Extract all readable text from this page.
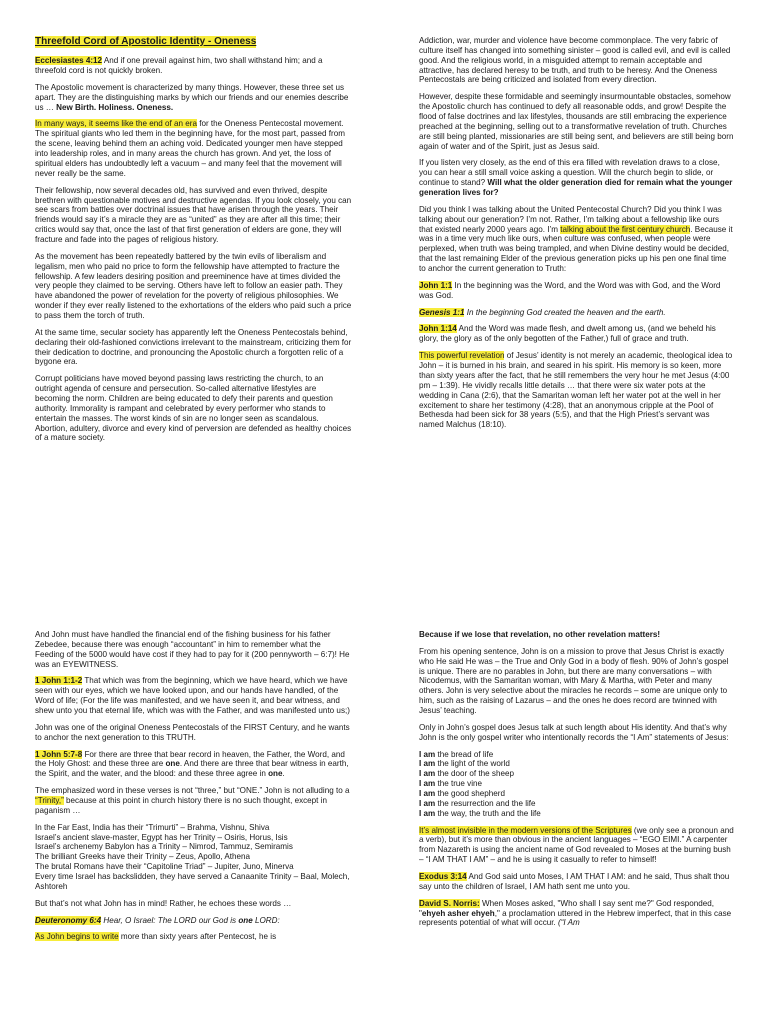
Threefold Cord of Apostolic Identity - Oneness

Ecclesiastes 4:12 And if one prevail against him, two shall withstand him; and a threefold cord is not quickly broken.

The Apostolic movement is characterized by many things. However, these three set us apart. They are the distinguishing marks by which our friends and our enemies describe us … New Birth. Holiness. Oneness.

In many ways, it seems like the end of an era for the Oneness Pentecostal movement. The spiritual giants who led them in the beginning have, for the most part, passed from the scene, leaving behind them an aching void. Dedicated younger men have stepped into leadership roles, and in many areas the church has grown. And yet, the loss of spiritual elders has undoubtedly left a vacuum – and many feel that the movement will never really be the same.

Their fellowship, now several decades old, has survived and even thrived, despite brethren with questionable motives and destructive agendas. If you look closely, you can see scars from battles over doctrinal issues that have arisen through the years. Their friends would say it’s a miracle they are as “united” as they are after all this time; their critics would say that, once the last of that first generation of elders are gone, they will fracture and fade into the pages of religious history.

As the movement has been repeatedly battered by the twin evils of liberalism and legalism, men who paid no price to form the fellowship have attempted to fracture the fellowship. A few leaders desiring position and preeminence have at times divided the very people they claimed to be serving. Others have left to follow an easier path. They have abandoned the power of revelation for the poverty of religious philosophies. We wonder if they ever really listened to the exhortations of the elders who paid such a price to pass them the torch of truth.

At the same time, secular society has apparently left the Oneness Pentecostals behind, declaring their old-fashioned convictions irrelevant to the mainstream, criticizing them for their dedication to doctrine, and pronouncing the Apostolic church a forgotten relic of a bygone era.

Corrupt politicians have moved beyond passing laws restricting the church, to an outright agenda of censure and persecution. So-called alternative lifestyles are becoming the norm. Children are being educated to defy their parents and question authority. Immorality is rampant and celebrated by every performer who stands to entertain the masses. The worst kinds of sin are no longer seen as scandalous. Abortion, adultery, divorce and every kind of perversion are defended as healthy choices of a mature society.

Addiction, war, murder and violence have become commonplace. The very fabric of culture itself has changed into something sinister – good is called evil, and evil is called good. And the religious world, in a misguided attempt to remain acceptable and attractive, has declared heresy to be truth, and truth to be heresy. And the Oneness Pentecostals are being criticized and isolated from every direction.

However, despite these formidable and seemingly insurmountable obstacles, somehow the Apostolic church has continued to defy all reasonable odds, and grow! Despite the flood of false doctrines and lax lifestyles, thousands are still embracing the experience preached at the beginning, selling out to a transformative revelation of truth. Churches are still being planted, missionaries are still being sent, and believers are still being born again of water and of the Spirit, just as Jesus said.

If you listen very closely, as the end of this era filled with revelation draws to a close, you can hear a still small voice asking a question. Will the church begin to slide, or continue to stand? Will what the older generation died for remain what the younger generation lives for?

Did you think I was talking about the United Pentecostal Church? Did you think I was talking about our generation? I’m not. Rather, I’m talking about a fellowship like ours that existed nearly 2000 years ago. I’m talking about the first century church. Because it was in a time very much like ours, when culture was confused, when people were perplexed, when truth was being trampled, and when Divine destiny would be decided, that the last remaining Elder of the previous generation picks up his pen one final time to anchor the current generation to Truth:

John 1:1 In the beginning was the Word, and the Word was with God, and the Word was God.

Genesis 1:1 In the beginning God created the heaven and the earth.

John 1:14 And the Word was made flesh, and dwelt among us, (and we beheld his glory, the glory as of the only begotten of the Father,) full of grace and truth.

This powerful revelation of Jesus’ identity is not merely an academic, theological idea to John – it is burned in his brain, and seared in his spirit. His memory is so keen, more than sixty years after the fact, that he still remembers the very hour he met Jesus (4:00 pm – 1:39). He vividly recalls little details … that there were six water pots at the wedding in Cana (2:6), that the Samaritan woman left her water pot at the well in her excitement to share her testimony (4:28), that an anonymous cripple at the Pool of Bethesda had been sick for 38 years (5:5), and that the High Priest’s servant was named Malchus (18:10).

And John must have handled the financial end of the fishing business for his father Zebedee, because there was enough “accountant” in him to remember what the Feeding of the 5000 would have cost if they had to pay for it (200 pennyworth – 6:7)! He was an EYEWITNESS.

1 John 1:1-2 That which was from the beginning, which we have heard, which we have seen with our eyes, which we have looked upon, and our hands have handled, of the Word of life; (For the life was manifested, and we have seen it, and bear witness, and shew unto you that eternal life, which was with the Father, and was manifested unto us;)

John was one of the original Oneness Pentecostals of the FIRST Century, and he wants to anchor the next generation to this TRUTH.

1 John 5:7-8 For there are three that bear record in heaven, the Father, the Word, and the Holy Ghost: and these three are one. And there are three that bear witness in earth, the Spirit, and the water, and the blood: and these three agree in one.

The emphasized word in these verses is not “three,” but “ONE.” John is not alluding to a “Trinity,” because at this point in church history there is no such thought, except in paganism …

In the Far East, India has their “Trimurti” – Brahma, Vishnu, Shiva
Israel’s ancient slave-master, Egypt has her Trinity – Osiris, Horus, Isis
Israel’s archenemy Babylon has a Trinity – Nimrod, Tammuz, Semiramis
The brilliant Greeks have their Trinity – Zeus, Apollo, Athena
The brutal Romans have their “Capitoline Triad” – Jupiter, Juno, Minerva
Every time Israel has backslidden, they have served a Canaanite Trinity – Baal, Molech, Ashtoreh

But that’s not what John has in mind! Rather, he echoes these words …

Deuteronomy 6:4 Hear, O Israel: The LORD our God is one LORD:

As John begins to write more than sixty years after Pentecost, he is

Because if we lose that revelation, no other revelation matters!

From his opening sentence, John is on a mission to prove that Jesus Christ is exactly who He said He was – the True and Only God in a body of flesh. 90% of John’s gospel is unique. There are no parables in John, but there are many conversations – with Nicodemus, with the Samaritan woman, with Mary & Martha, with Peter and many others. John is very selective about the miracles he records – some are unique only to him, such as the raising of Lazarus – and the ones he does record are twinned with Jesus’ teaching.

Only in John’s gospel does Jesus talk at such length about His identity. And that’s why John is the only gospel writer who intentionally records the “I Am” statements of Jesus:

I am the bread of life
I am the light of the world
I am the door of the sheep
I am the true vine
I am the good shepherd
I am the resurrection and the life
I am the way, the truth and the life

It’s almost invisible in the modern versions of the Scriptures (we only see a pronoun and a verb), but it’s more than obvious in the ancient languages – “EGO EIMI.” A carpenter from Nazareth is using the ancient name of God revealed to Moses at the burning bush – “I AM THAT I AM” – and he is using it casually to refer to himself!

Exodus 3:14 And God said unto Moses, I AM THAT I AM: and he said, Thus shalt thou say unto the children of Israel, I AM hath sent me unto you.

David S. Norris: When Moses asked, "Who shall I say sent me?" God responded, "ehyeh asher ehyeh," a proclamation uttered in the Hebrew imperfect, that in this case represents potential of what will occur. (“I Am
